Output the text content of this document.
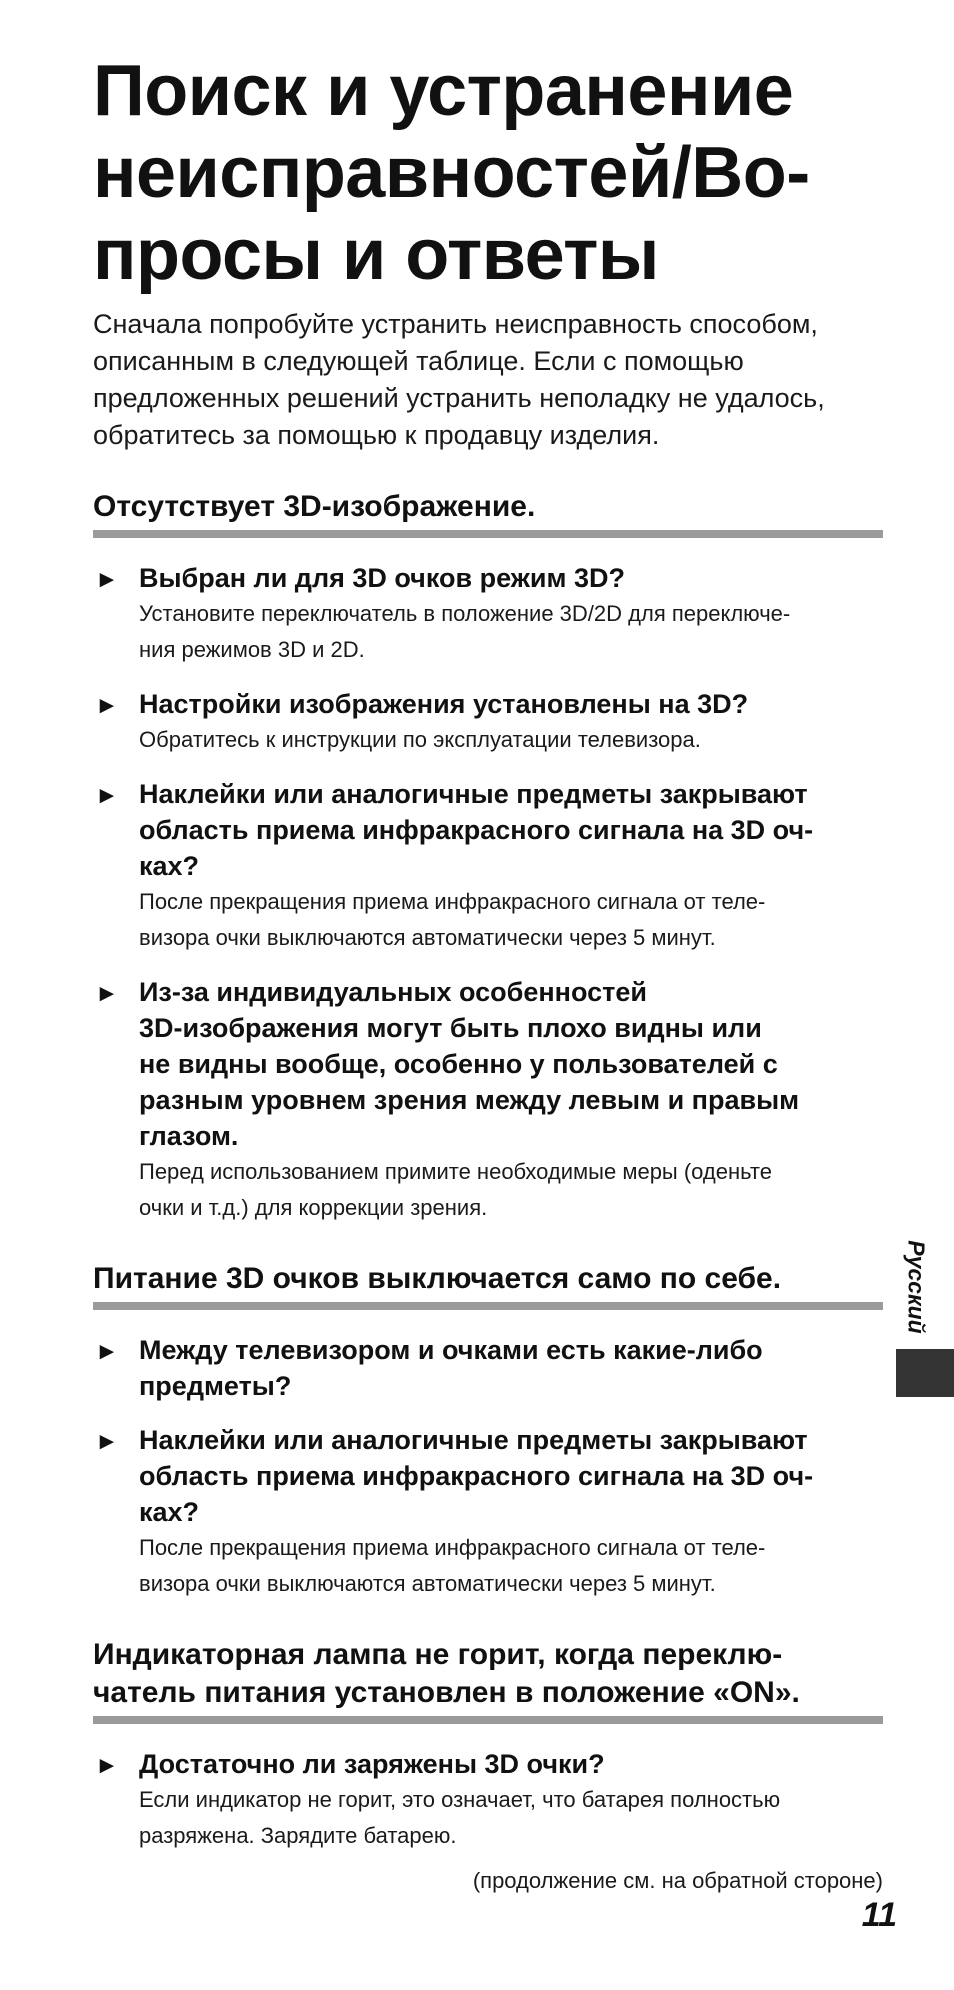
Поиск и устранение
неисправностей/Во-
просы и ответы
Сначала попробуйте устранить неисправность способом,
описанным в следующей таблице. Если с помощью
предложенных решений устранить неполадку не удалось,
обратитесь за помощью к продавцу изделия.
Отсутствует 3D-изображение.
► Выбран ли для 3D очков режим 3D?
Установите переключатель в положение 3D/2D для переключе-
ния режимов 3D и 2D.
► Настройки изображения установлены на 3D?
Обратитесь к инструкции по эксплуатации телевизора.
► Наклейки или аналогичные предметы закрывают
область приема инфракрасного сигнала на 3D оч-
ках?
После прекращения приема инфракрасного сигнала от теле-
визора очки выключаются автоматически через 5 минут.
► Из-за индивидуальных особенностей
3D-изображения могут быть плохо видны или
не видны вообще, особенно у пользователей с
разным уровнем зрения между левым и правым
глазом.
Перед использованием примите необходимые меры (оденьте
очки и т.д.) для коррекции зрения.
Питание 3D очков выключается само по себе.
► Между телевизором и очками есть какие-либо
предметы?
► Наклейки или аналогичные предметы закрывают
область приема инфракрасного сигнала на 3D оч-
ках?
После прекращения приема инфракрасного сигнала от теле-
визора очки выключаются автоматически через 5 минут.
Индикаторная лампа не горит, когда переклю-
чатель питания установлен в положение «ON».
► Достаточно ли заряжены 3D очки?
Если индикатор не горит, это означает, что батарея полностью
разряжена. Зарядите батарею.
Русский
(продолжение см. на обратной стороне)
11
